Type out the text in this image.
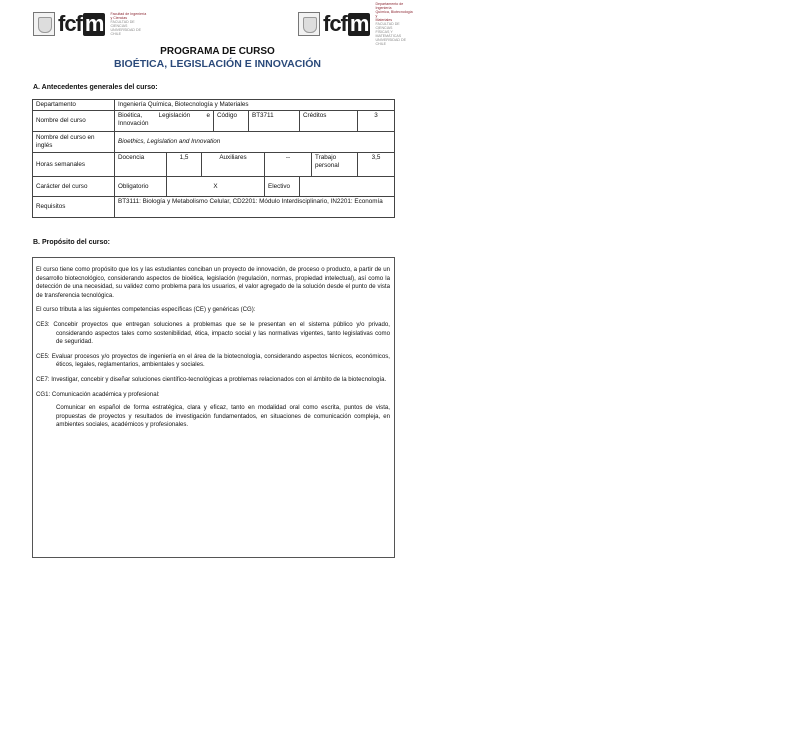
fcf m	Facultad de Ingeniería
y Ciencias
FACULTAD DE CIENCIAS
UNIVERSIDAD DE CHILE	fcf m
Departamento de Ingeniería
Química, Biotecnología y
Materiales
FACULTAD DE CIENCIAS
FÍSICAS Y MATEMÁTICAS
UNIVERSIDAD DE CHILE
PROGRAMA DE CURSO
BIOÉTICA, LEGISLACIÓN E INNOVACIÓN
A. Antecedentes generales del curso:
Departamento	Ingeniería Química, Biotecnología y Materiales								
Nombre del curso	Bioética, Legislación e Innovación			Código	BT3711		Créditos		3
Nombre del curso en inglés	Bioethics, Legislation and Innovation								
Horas semanales	Docencia	1,5	Auxiliares			--		Trabajo personal	3,5
Carácter del curso	Obligatorio	X				Electivo			
Requisitos	BT3111: Biología y Metabolismo Celular, CD2201: Módulo Interdisciplinario, IN2201: Economía								
B. Propósito del curso:

El curso tiene como propósito que los y las estudiantes conciban un proyecto de innovación, de proceso o producto, a partir de un desarrollo biotecnológico, considerando aspectos de bioética, legislación (regulación, normas, propiedad intelectual), así como la detección de una necesidad, su validez como problema para los usuarios, el valor agregado de la solución desde el punto de vista de transferencia tecnológica.

El curso tributa a las siguientes competencias específicas (CE) y genéricas (CG):

CE3: Concebir proyectos que entregan soluciones a problemas que se le presentan en el sistema público y/o privado, considerando aspectos tales como sostenibilidad, ética, impacto social y las normativas vigentes, tanto legislativas como de seguridad.

CE5: Evaluar procesos y/o proyectos de ingeniería en el área de la biotecnología, considerando aspectos técnicos, económicos, éticos, legales, reglamentarios, ambientales y sociales.

CE7: Investigar, concebir y diseñar soluciones científico-tecnológicas a problemas relacionados con el ámbito de la biotecnología.

CG1: Comunicación académica y profesional:

Comunicar en español de forma estratégica, clara y eficaz, tanto en modalidad oral como escrita, puntos de vista, propuestas de proyectos y resultados de investigación fundamentados, en situaciones de comunicación compleja, en ambientes sociales, académicos y profesionales.
